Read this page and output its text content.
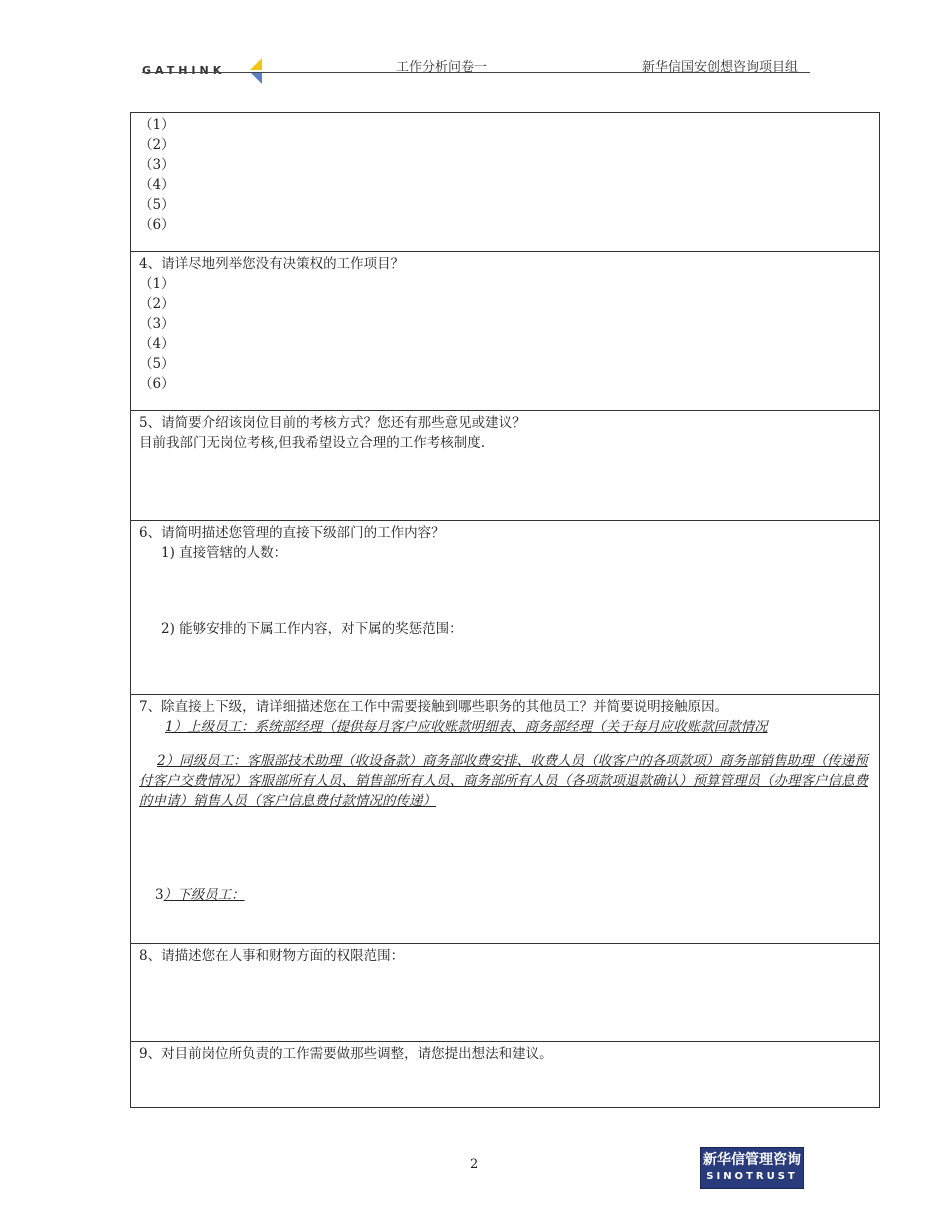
GATHINK	工作分析问卷一	新华信国安创想咨询项目组
（1）
（2）
（3）
（4）
（5）
（6）
4、请详尽地列举您没有决策权的工作项目？
（1）
（2）
（3）
（4）
（5）
（6）
5、请简要介绍该岗位目前的考核方式？您还有那些意见或建议？
目前我部门无岗位考核,但我希望设立合理的工作考核制度.
6、请简明描述您管理的直接下级部门的工作内容？
1) 直接管辖的人数：
2) 能够安排的下属工作内容，对下属的奖惩范围：
7、除直接上下级，请详细描述您在工作中需要接触到哪些职务的其他员工？并简要说明接触原因。
1）上级员工：系统部经理（提供每月客户应收账款明细表、商务部经理（关于每月应收账款回款情况
2）同级员工：客服部技术助理（收设备款）商务部收费安排、收费人员（收客户的各项款项）商务部销售助理（传递预付客户交费情况）客服部所有人员、销售部所有人员、商务部所有人员（各项款项退款确认）预算管理员（办理客户信息费的申请）销售人员（客户信息费付款情况的传递）
3）下级员工：
8、请描述您在人事和财物方面的权限范围：
9、对目前岗位所负责的工作需要做那些调整，请您提出想法和建议。
2	新华信管理咨询
SINOTRUST
